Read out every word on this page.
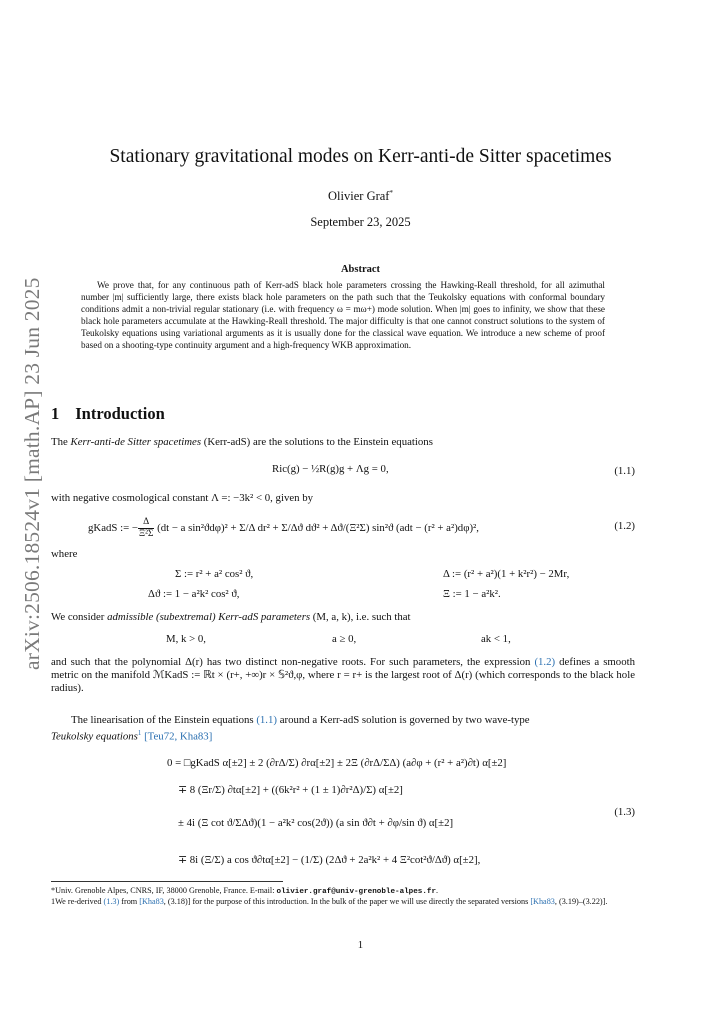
arXiv:2506.18524v1 [math.AP] 23 Jun 2025
Stationary gravitational modes on Kerr-anti-de Sitter spacetimes
Olivier Graf*
September 23, 2025
Abstract
We prove that, for any continuous path of Kerr-adS black hole parameters crossing the Hawking-Reall threshold, for all azimuthal number |m| sufficiently large, there exists black hole parameters on the path such that the Teukolsky equations with conformal boundary conditions admit a non-trivial regular stationary (i.e. with frequency ω = mω+) mode solution. When |m| goes to infinity, we show that these black hole parameters accumulate at the Hawking-Reall threshold. The major difficulty is that one cannot construct solutions to the system of Teukolsky equations using variational arguments as it is usually done for the classical wave equation. We introduce a new scheme of proof based on a shooting-type continuity argument and a high-frequency WKB approximation.
1 Introduction
The Kerr-anti-de Sitter spacetimes (Kerr-adS) are the solutions to the Einstein equations
Ric(g) − ½R(g)g + Λg = 0,	(1.1)
with negative cosmological constant Λ =: −3k² < 0, given by
gKadS := − $\frac{\Delta}{\text{Ξ²Σ}} (dt - a$ sin²ϑdφ)² + Σ/Δ dr² + Σ/Δϑ dϑ² + Δϑ/(Ξ²Σ) sin²ϑ (adt − (r² + a²)dφ)²,	(1.2)
where
Σ := r² + a² cos² ϑ,	Δ := (r² + a²)(1 + k²r²) − 2Mr,
Δϑ := 1 − a²k² cos² ϑ,	Ξ := 1 − a²k².
We consider admissible (subextremal) Kerr-adS parameters (M, a, k), i.e. such that
M, k > 0,	a ≥ 0,	ak < 1,
and such that the polynomial Δ(r) has two distinct non-negative roots. For such parameters, the expression (1.2) defines a smooth metric on the manifold ℳKadS := ℝt × (r+, +∞)r × 𝕊²ϑ,φ, where r = r+ is the largest root of Δ(r) (which corresponds to the black hole radius).
The linearisation of the Einstein equations (1.1) around a Kerr-adS solution is governed by two wave-type
Teukolsky equations$^1$ [Teu72, Kha83]
0 = □gKadS α[±2] ± 2 (∂rΔ/Σ) ∂rα[±2] ± 2Ξ (∂rΔ/ΣΔ) (a∂φ + (r² + a²)∂t) α[±2]
∓ 8 (Ξr/Σ) ∂tα[±2] + ((6k²r² + (1 ± 1)∂r²Δ)/Σ) α[±2]
± 4i (Ξ cot ϑ/ΣΔϑ)(1 − a²k² cos(2ϑ)) (a sin ϑ∂t + ∂φ/sin ϑ) α[±2]
∓ 8i (Ξ/Σ) a cos ϑ∂tα[±2] − (1/Σ) (2Δϑ + 2a²k² + 4 Ξ²cot²ϑ/Δϑ) α[±2],
(1.3)
*Univ. Grenoble Alpes, CNRS, IF, 38000 Grenoble, France. E-mail: olivier.graf@univ-grenoble-alpes.fr.
1We re-derived (1.3) from [Kha83, (3.18)] for the purpose of this introduction. In the bulk of the paper we will use directly the separated versions [Kha83, (3.19)–(3.22)].
1
